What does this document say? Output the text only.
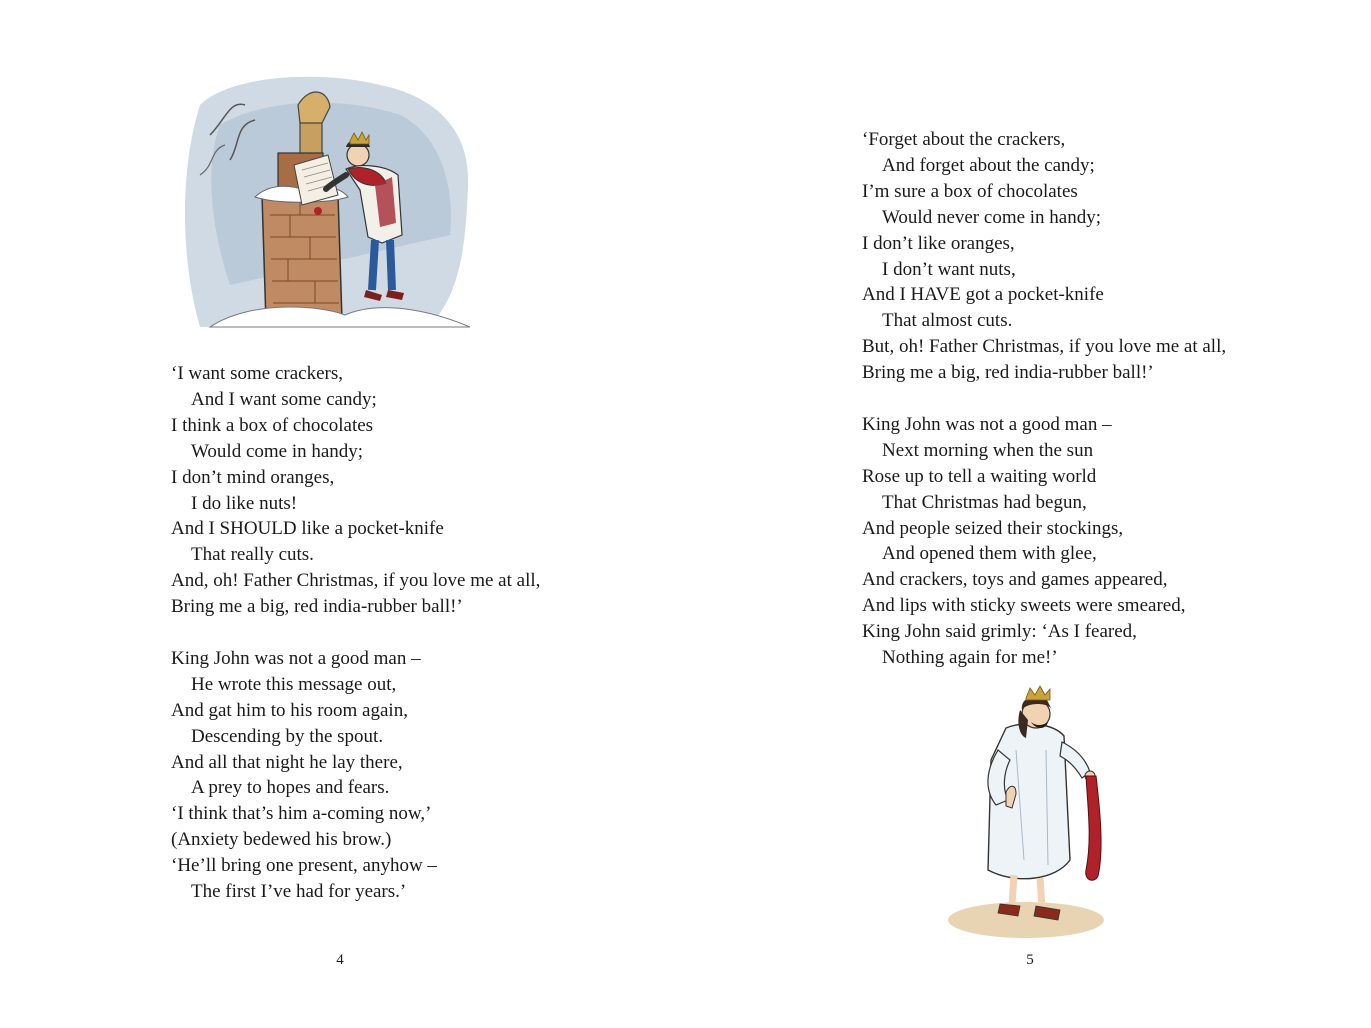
‘I want some crackers,
And I want some candy;
I think a box of chocolates
Would come in handy;
I don’t mind oranges,
I do like nuts!
And I SHOULD like a pocket-knife
That really cuts.
And, oh! Father Christmas, if you love me at all,
Bring me a big, red india-rubber ball!’
King John was not a good man –
He wrote this message out,
And gat him to his room again,
Descending by the spout.
And all that night he lay there,
A prey to hopes and fears.
‘I think that’s him a-coming now,’
(Anxiety bedewed his brow.)
‘He’ll bring one present, anyhow –
The first I’ve had for years.’
4
‘Forget about the crackers,
And forget about the candy;
I’m sure a box of chocolates
Would never come in handy;
I don’t like oranges,
I don’t want nuts,
And I HAVE got a pocket-knife
That almost cuts.
But, oh! Father Christmas, if you love me at all,
Bring me a big, red india-rubber ball!’
King John was not a good man –
Next morning when the sun
Rose up to tell a waiting world
That Christmas had begun,
And people seized their stockings,
And opened them with glee,
And crackers, toys and games appeared,
And lips with sticky sweets were smeared,
King John said grimly: ‘As I feared,
Nothing again for me!’
5
